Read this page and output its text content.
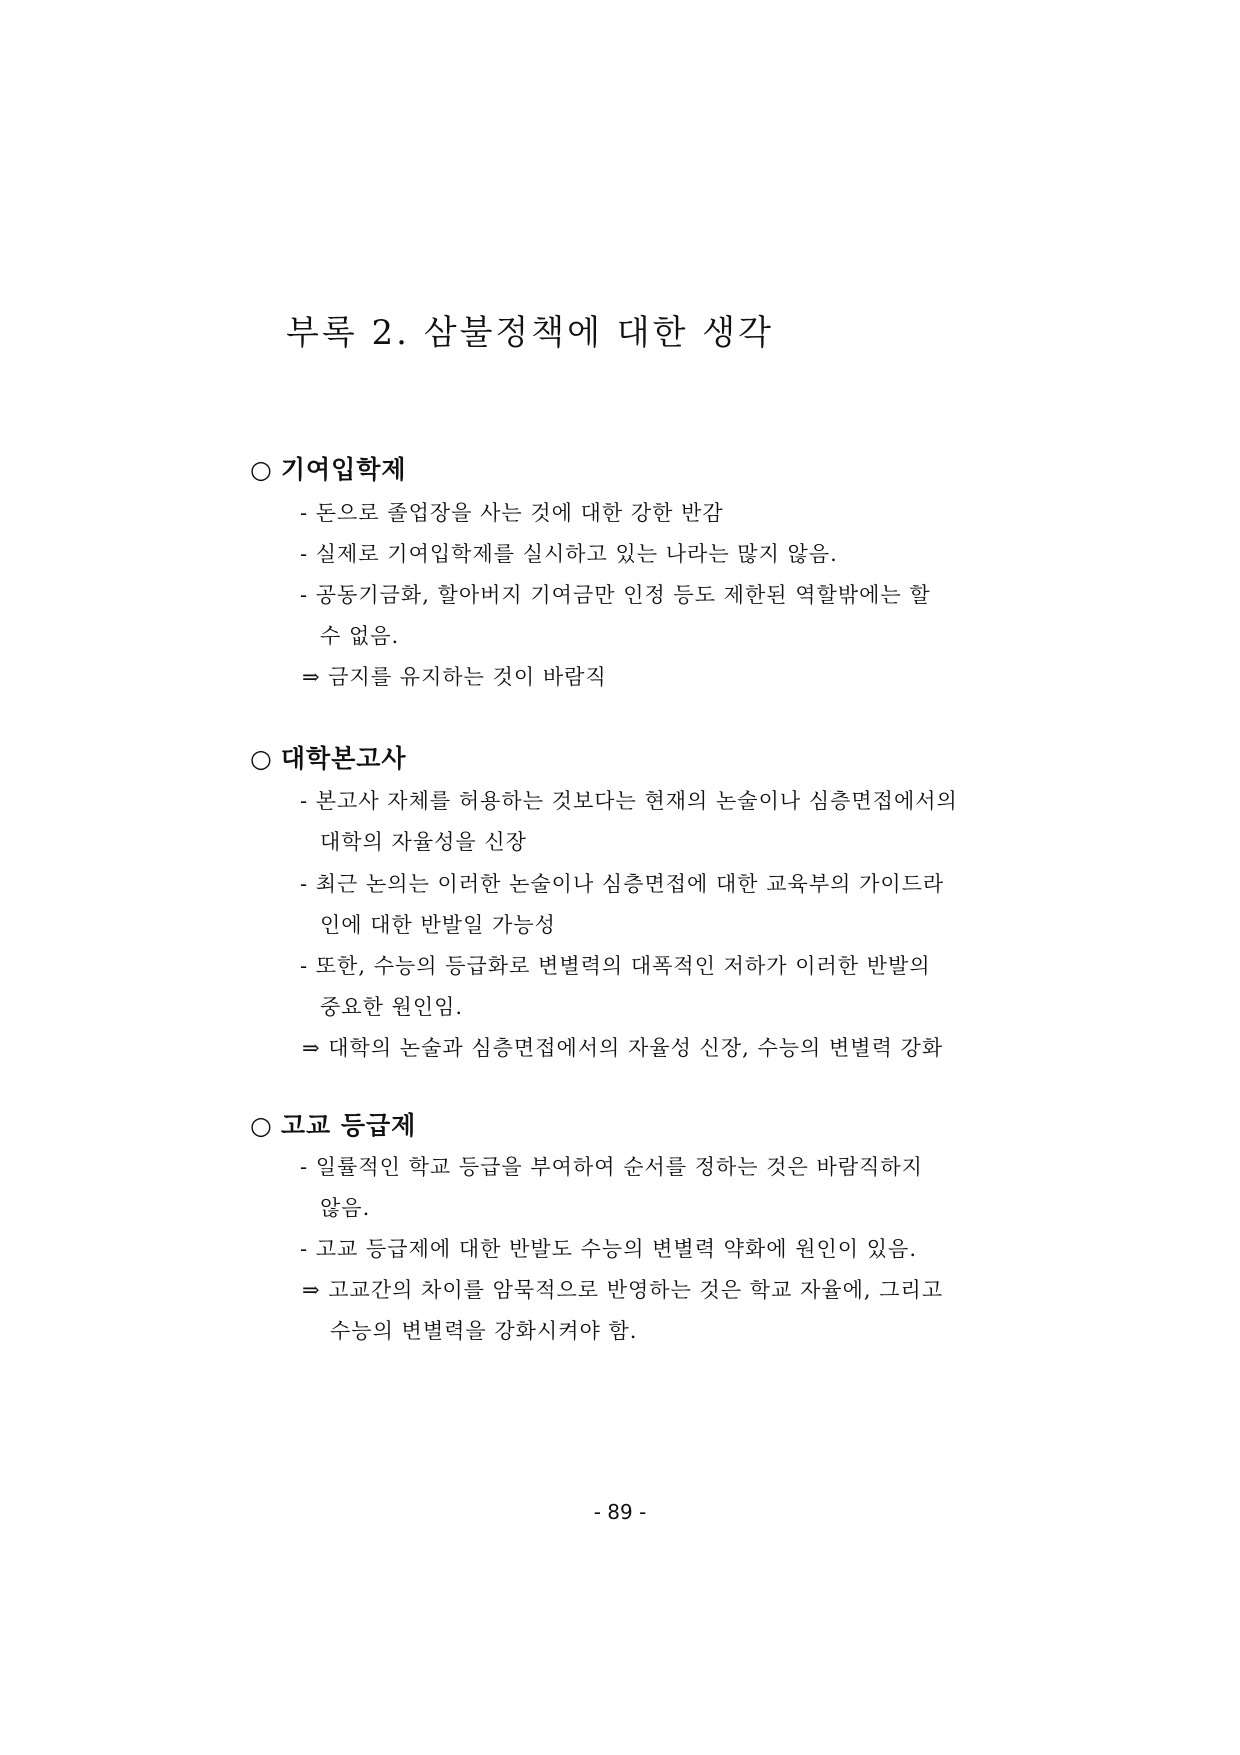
부록 2. 삼불정책에 대한 생각
○ 기여입학제

- 돈으로 졸업장을 사는 것에 대한 강한 반감

- 실제로 기여입학제를 실시하고 있는 나라는 많지 않음.

- 공동기금화, 할아버지 기여금만 인정 등도 제한된 역할밖에는 할

수 없음.

⇒ 금지를 유지하는 것이 바람직

○ 대학본고사

- 본고사 자체를 허용하는 것보다는 현재의 논술이나 심층면접에서의

대학의 자율성을 신장

- 최근 논의는 이러한 논술이나 심층면접에 대한 교육부의 가이드라

인에 대한 반발일 가능성

- 또한, 수능의 등급화로 변별력의 대폭적인 저하가 이러한 반발의

중요한 원인임.

⇒ 대학의 논술과 심층면접에서의 자율성 신장, 수능의 변별력 강화

○ 고교 등급제

- 일률적인 학교 등급을 부여하여 순서를 정하는 것은 바람직하지

않음.

- 고교 등급제에 대한 반발도 수능의 변별력 약화에 원인이 있음.

⇒ 고교간의 차이를 암묵적으로 반영하는 것은 학교 자율에, 그리고

수능의 변별력을 강화시켜야 함.

- 89 -
